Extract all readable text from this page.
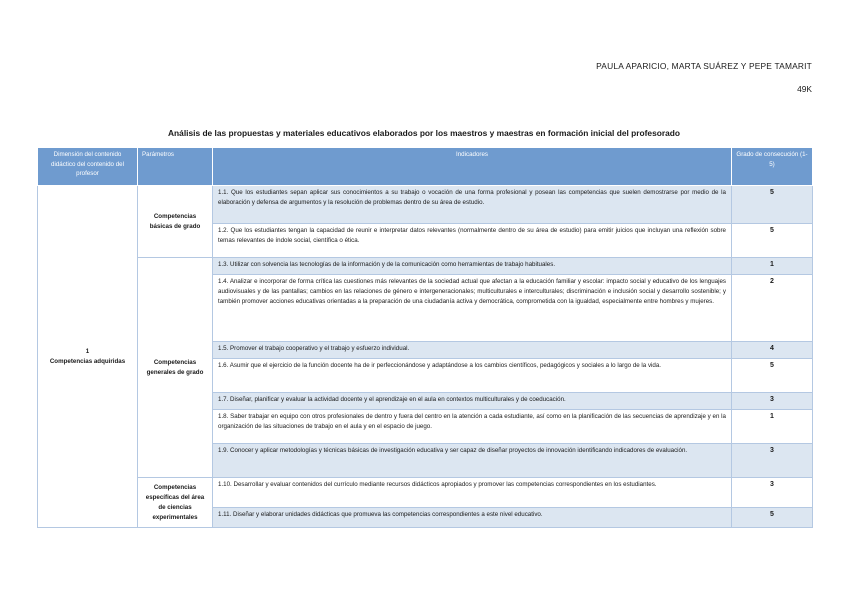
PAULA APARICIO, MARTA SUÁREZ Y PEPE TAMARIT
49K
Análisis de las propuestas y materiales educativos elaborados por los maestros y maestras en formación inicial del profesorado
Dimensión del contenido didáctico del contenido del profesor	Parámetros	Indicadores	Grado de consecución (1-5)

1
Competencias adquiridas	Competencias básicas de grado	1.1. Que los estudiantes sepan aplicar sus conocimientos a su trabajo o vocación de una forma profesional y posean las competencias que suelen demostrarse por medio de la elaboración y defensa de argumentos y la resolución de problemas dentro de su área de estudio.	5
		1.2. Que los estudiantes tengan la capacidad de reunir e interpretar datos relevantes (normalmente dentro de su área de estudio) para emitir juicios que incluyan una reflexión sobre temas relevantes de índole social, científica o ética.	5
	Competencias generales de grado	1.3. Utilizar con solvencia las tecnologías de la información y de la comunicación como herramientas de trabajo habituales.	1
		1.4. Analizar e incorporar de forma crítica las cuestiones más relevantes de la sociedad actual que afectan a la educación familiar y escolar: impacto social y educativo de los lenguajes audiovisuales y de las pantallas; cambios en las relaciones de género e intergeneracionales; multiculturales e interculturales; discriminación e inclusión social y desarrollo sostenible; y también promover acciones educativas orientadas a la preparación de una ciudadanía activa y democrática, comprometida con la igualdad, especialmente entre hombres y mujeres.	2
		1.5. Promover el trabajo cooperativo y el trabajo y esfuerzo individual.	4
		1.6. Asumir que el ejercicio de la función docente ha de ir perfeccionándose y adaptándose a los cambios científicos, pedagógicos y sociales a lo largo de la vida.	5
		1.7. Diseñar, planificar y evaluar la actividad docente y el aprendizaje en el aula en contextos multiculturales y de coeducación.	3
		1.8. Saber trabajar en equipo con otros profesionales de dentro y fuera del centro en la atención a cada estudiante, así como en la planificación de las secuencias de aprendizaje y en la organización de las situaciones de trabajo en el aula y en el espacio de juego.	1
		1.9. Conocer y aplicar metodologías y técnicas básicas de investigación educativa y ser capaz de diseñar proyectos de innovación identificando indicadores de evaluación.	3
	Competencias específicas del área de ciencias experimentales	1.10. Desarrollar y evaluar contenidos del currículo mediante recursos didácticos apropiados y promover las competencias correspondientes en los estudiantes.	3
		1.11. Diseñar y elaborar unidades didácticas que promueva las competencias correspondientes a este nivel educativo.	5
